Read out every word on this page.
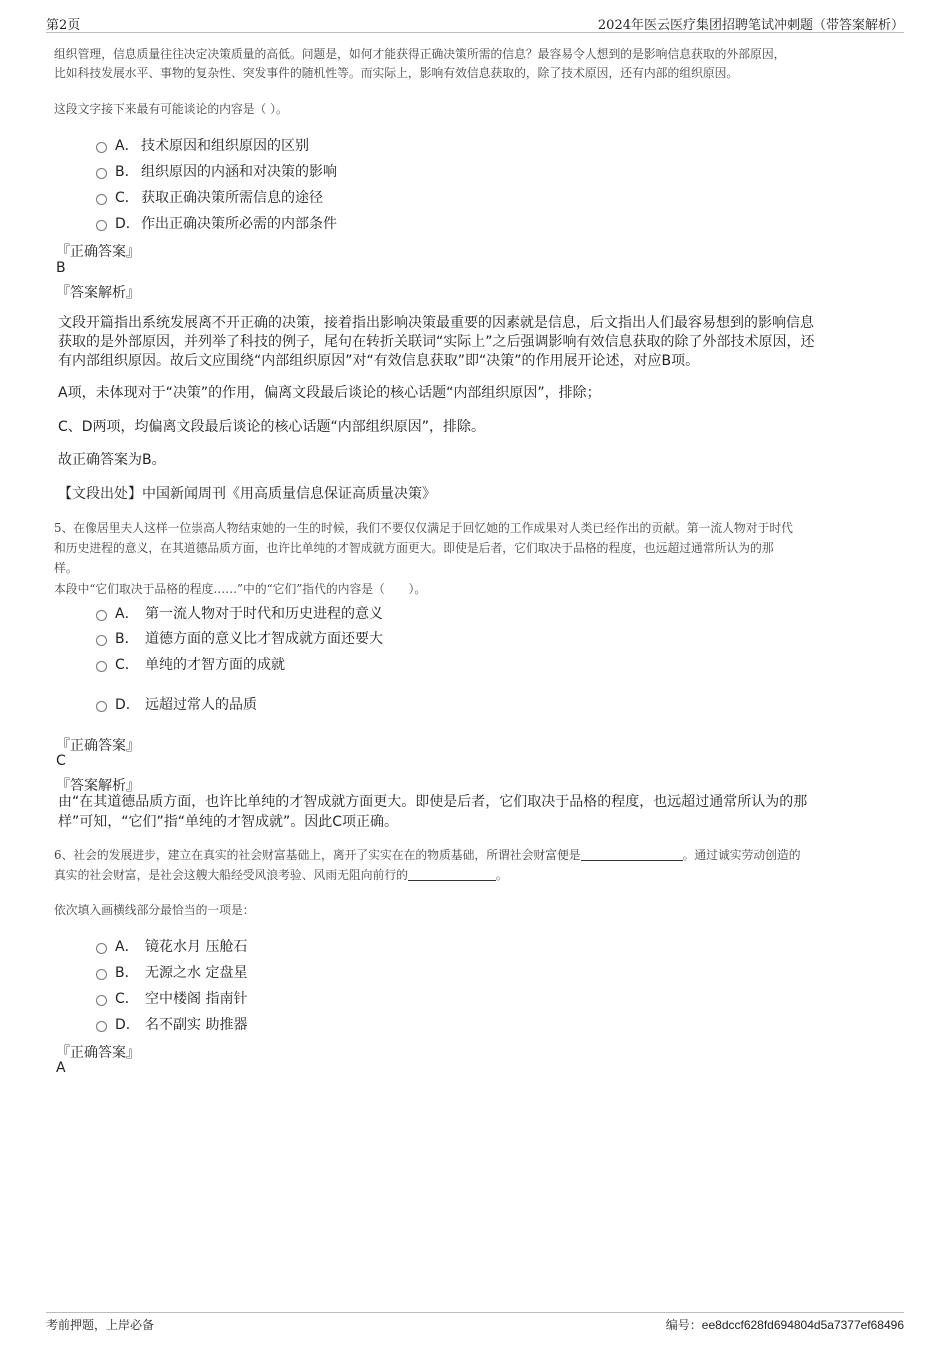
第2页	2024年医云医疗集团招聘笔试冲刺题（带答案解析）
组织管理，信息质量往往决定决策质量的高低。问题是，如何才能获得正确决策所需的信息？最容易令人想到的是影响信息获取的外部原因，
比如科技发展水平、事物的复杂性、突发事件的随机性等。而实际上，影响有效信息获取的，除了技术原因，还有内部的组织原因。
这段文字接下来最有可能谈论的内容是（ ）。
A． 技术原因和组织原因的区别
B． 组织原因的内涵和对决策的影响
C． 获取正确决策所需信息的途径
D．作出正确决策所必需的内部条件
『正确答案』
B
『答案解析』
文段开篇指出系统发展离不开正确的决策，接着指出影响决策最重要的因素就是信息，后文指出人们最容易想到的影响信息
获取的是外部原因，并列举了科技的例子，尾句在转折关联词“实际上”之后强调影响有效信息获取的除了外部技术原因，还
有内部组织原因。故后文应围绕“内部组织原因”对“有效信息获取”即“决策”的作用展开论述，对应B项。
A项，未体现对于“决策”的作用，偏离文段最后谈论的核心话题“内部组织原因”，排除；
C、D两项，均偏离文段最后谈论的核心话题“内部组织原因”，排除。
故正确答案为B。
【文段出处】中国新闻周刊《用高质量信息保证高质量决策》
5、在像居里夫人这样一位崇高人物结束她的一生的时候，我们不要仅仅满足于回忆她的工作成果对人类已经作出的贡献。第一流人物对于时代
和历史进程的意义，在其道德品质方面，也许比单纯的才智成就方面更大。即使是后者，它们取决于品格的程度，也远超过通常所认为的那
样。
本段中“它们取决于品格的程度……”中的“它们”指代的内容是（　　）。
A． 第一流人物对于时代和历史进程的意义
B． 道德方面的意义比才智成就方面还要大
C． 单纯的才智方面的成就
D． 远超过常人的品质
『正确答案』
C
『答案解析』
由“在其道德品质方面，也许比单纯的才智成就方面更大。即使是后者，它们取决于品格的程度，也远超过通常所认为的那
样”可知，“它们”指“单纯的才智成就”。因此C项正确。
6、社会的发展进步，建立在真实的社会财富基础上，离开了实实在在的物质基础，所谓社会财富便是	。通过诚实劳动创造的
真实的社会财富，是社会这艘大船经受风浪考验、风雨无阻向前行的	。
依次填入画横线部分最恰当的一项是：
A． 镜花水月 压舱石
B． 无源之水 定盘星
C． 空中楼阁 指南针
D． 名不副实 助推器
『正确答案』
A
考前押题，上岸必备	编号：ee8dccf628fd694804d5a7377ef68496
